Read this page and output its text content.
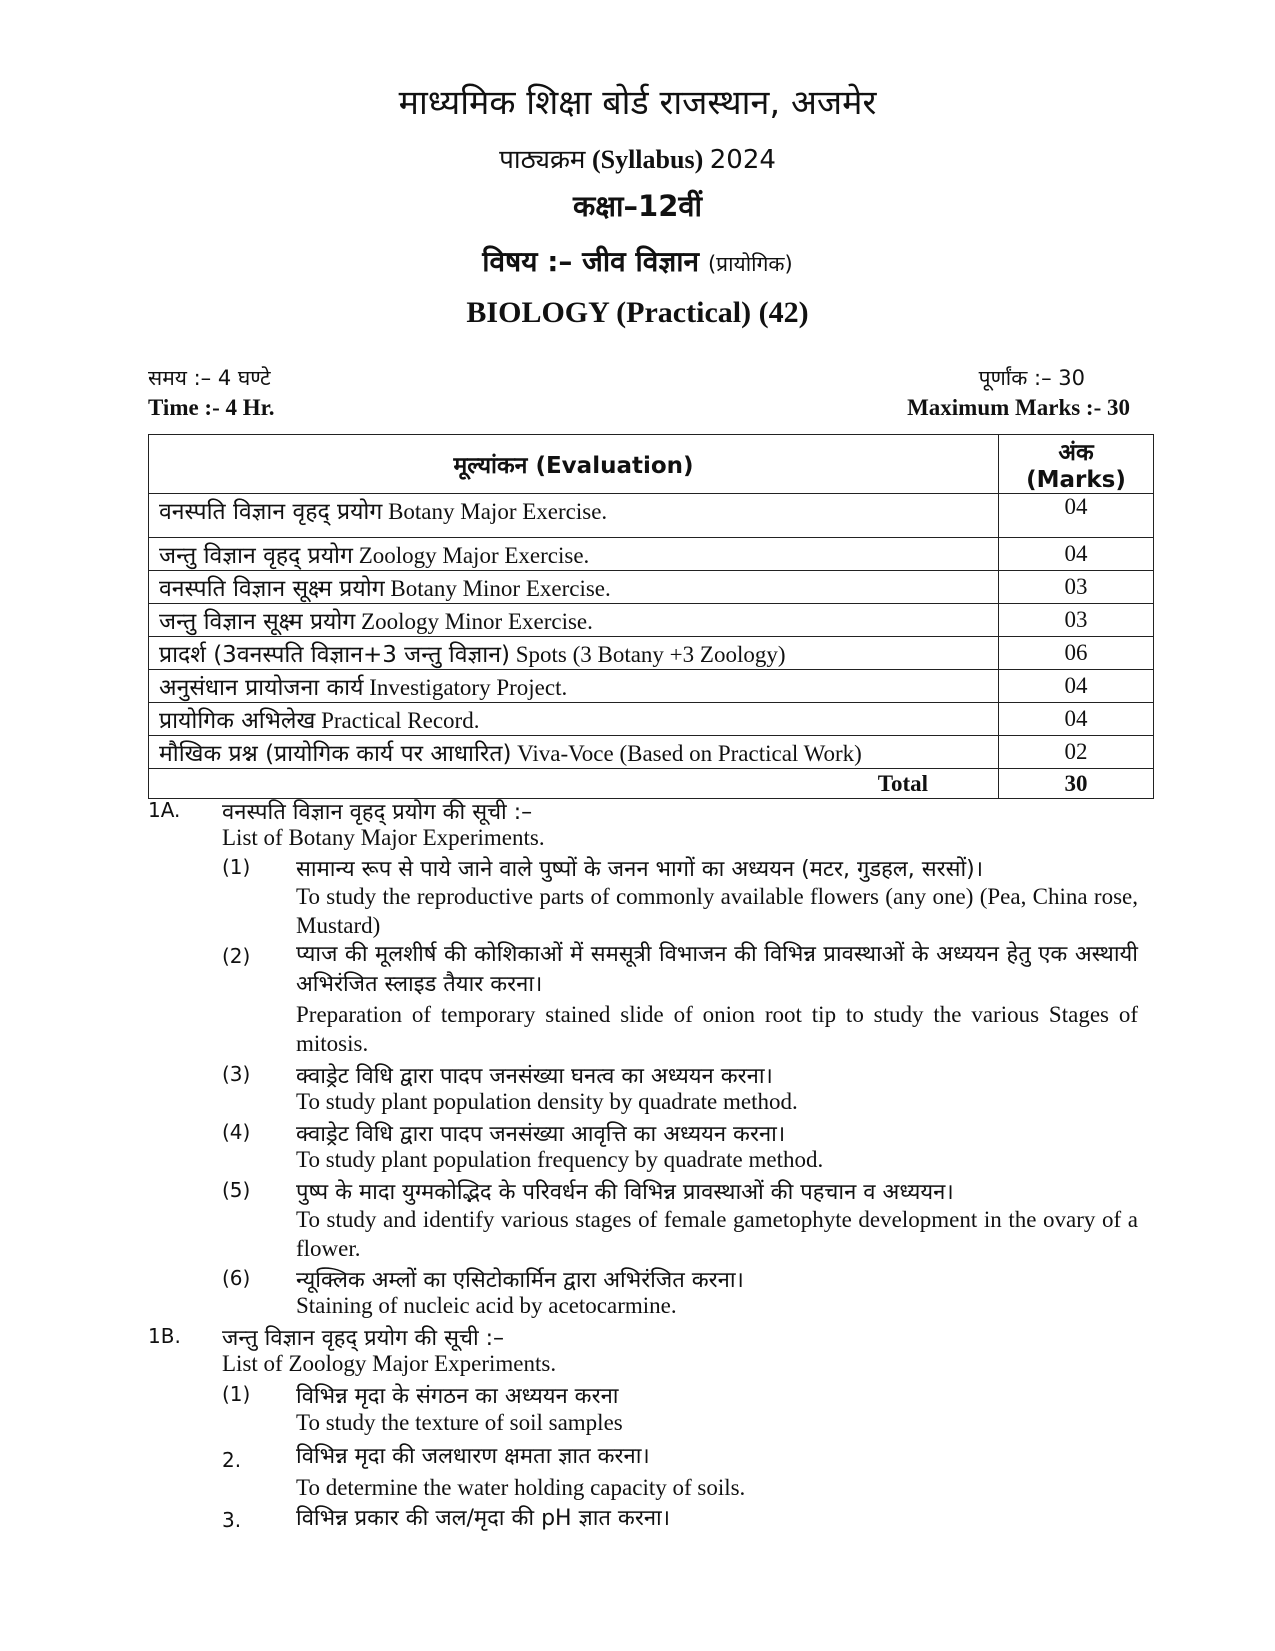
माध्यमिक शिक्षा बोर्ड राजस्थान, अजमेर
पाठ्यक्रम (Syllabus) 2024
कक्षा–12वीं
विषय :– जीव विज्ञान (प्रायोगिक)
BIOLOGY (Practical) (42)
समय :– 4 घण्टे	पूर्णांक :– 30
Time :- 4 Hr.	Maximum Marks :- 30
मूल्यांकन (Evaluation)	अंक (Marks)
वनस्पति विज्ञान वृहद् प्रयोग Botany Major Exercise.	04
जन्तु विज्ञान वृहद् प्रयोग Zoology Major Exercise.	04
वनस्पति विज्ञान सूक्ष्म प्रयोग Botany Minor Exercise.	03
जन्तु विज्ञान सूक्ष्म प्रयोग Zoology Minor Exercise.	03
प्रादर्श (3वनस्पति विज्ञान+3 जन्तु विज्ञान) Spots (3 Botany +3 Zoology)	06
अनुसंधान प्रायोजना कार्य Investigatory Project.	04
प्रायोगिक अभिलेख Practical Record.	04
मौखिक प्रश्न (प्रायोगिक कार्य पर आधारित) Viva-Voce (Based on Practical Work)	02
Total	30
1A. वनस्पति विज्ञान वृहद् प्रयोग की सूची :–
List of Botany Major Experiments.
(1) सामान्य रूप से पाये जाने वाले पुष्पों के जनन भागों का अध्ययन (मटर, गुडहल, सरसों)।
To study the reproductive parts of commonly available flowers (any one) (Pea, China rose, Mustard)
(2) प्याज की मूलशीर्ष की कोशिकाओं में समसूत्री विभाजन की विभिन्न प्रावस्थाओं के अध्ययन हेतु एक अस्थायी अभिरंजित स्लाइड तैयार करना।
Preparation of temporary stained slide of onion root tip to study the various Stages of mitosis.
(3) क्वाड्रेट विधि द्वारा पादप जनसंख्या घनत्व का अध्ययन करना।
To study plant population density by quadrate method.
(4) क्वाड्रेट विधि द्वारा पादप जनसंख्या आवृत्ति का अध्ययन करना।
To study plant population frequency by quadrate method.
(5) पुष्प के मादा युग्मकोद्भिद के परिवर्धन की विभिन्न प्रावस्थाओं की पहचान व अध्ययन।
To study and identify various stages of female gametophyte development in the ovary of a flower.
(6) न्यूक्लिक अम्लों का एसिटोकार्मिन द्वारा अभिरंजित करना।
Staining of nucleic acid by acetocarmine.
1B. जन्तु विज्ञान वृहद् प्रयोग की सूची :–
List of Zoology Major Experiments.
(1) विभिन्न मृदा के संगठन का अध्ययन करना
To study the texture of soil samples
2. विभिन्न मृदा की जलधारण क्षमता ज्ञात करना।
To determine the water holding capacity of soils.
3. विभिन्न प्रकार की जल/मृदा की pH ज्ञात करना।
